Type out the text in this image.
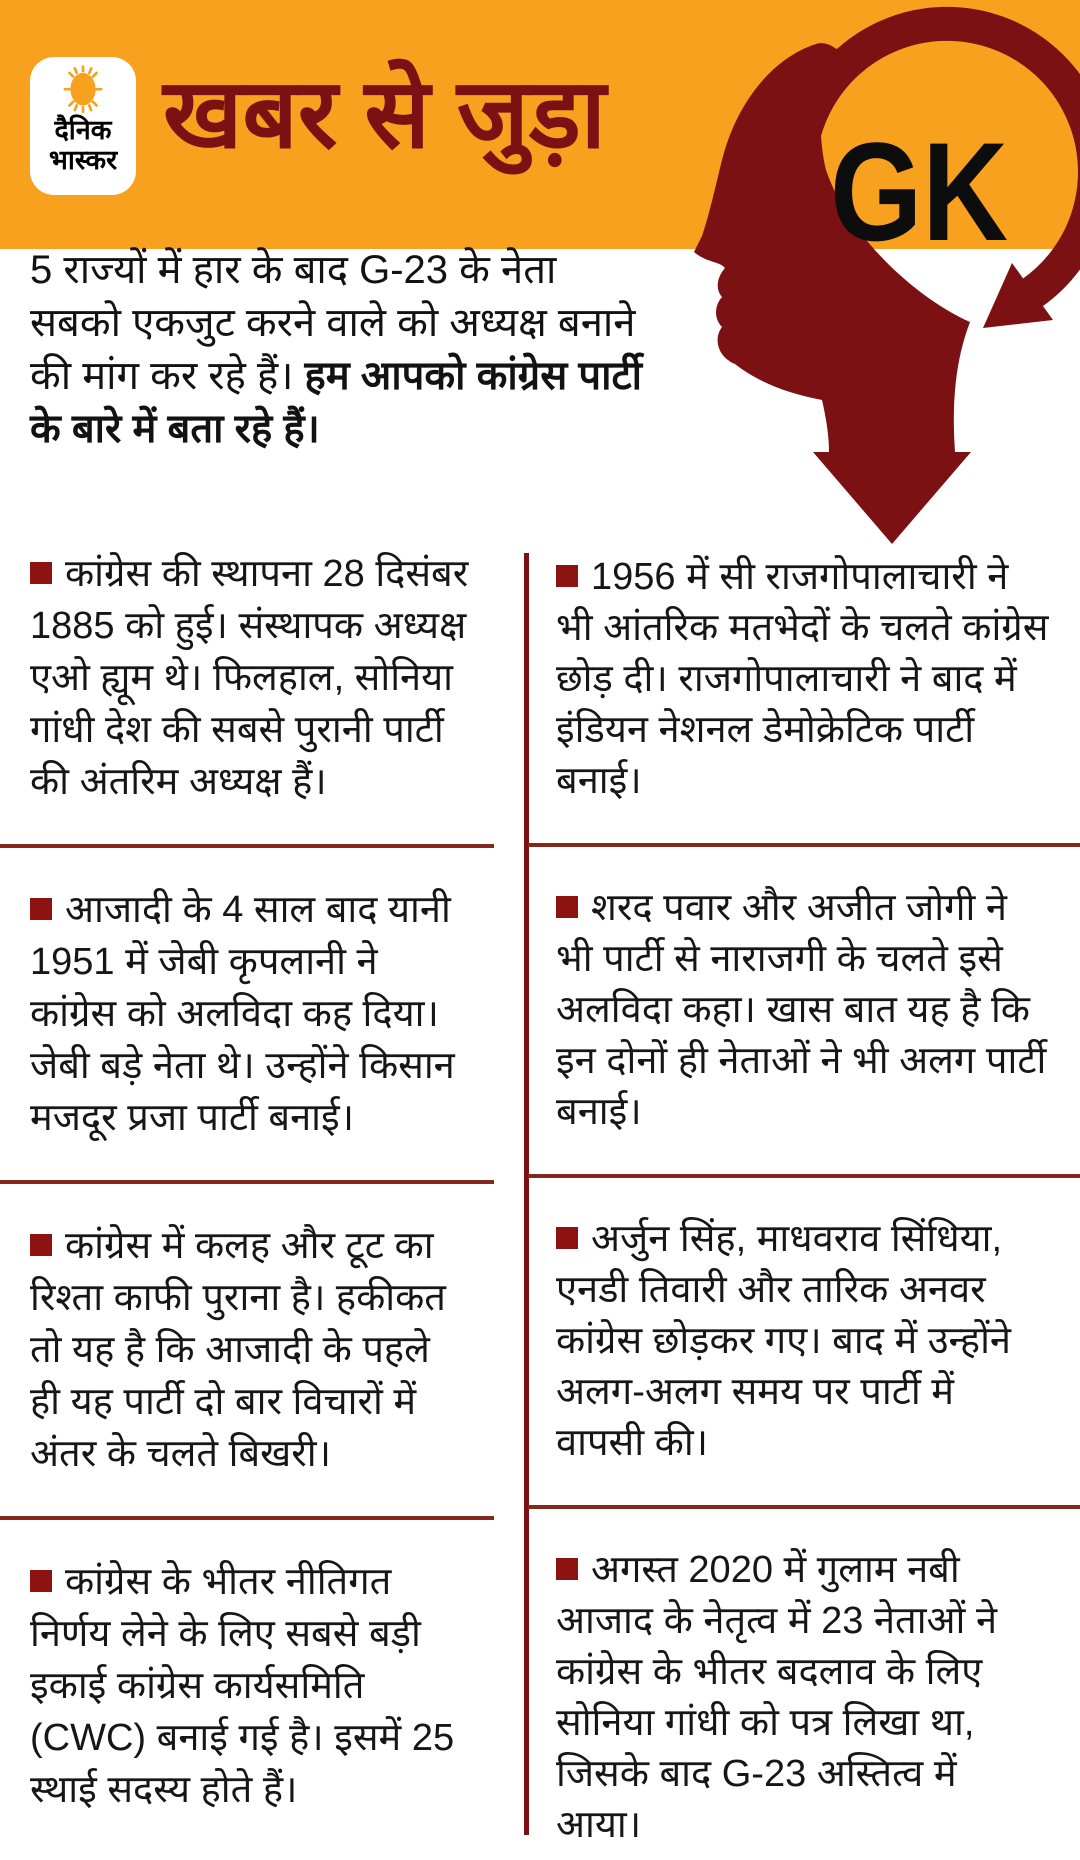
दैनिक
भास्कर खबर से जुड़ा GK
5 राज्यों में हार के बाद G-23 के नेता सबको एकजुट करने वाले को अध्यक्ष बनाने की मांग कर रहे हैं। हम आपको कांग्रेस पार्टी के बारे में बता रहे हैं।
कांग्रेस की स्थापना 28 दिसंबर 1885 को हुई। संस्थापक अध्यक्ष एओ ह्यूम थे। फिलहाल, सोनिया गांधी देश की सबसे पुरानी पार्टी की अंतरिम अध्यक्ष हैं।
आजादी के 4 साल बाद यानी 1951 में जेबी कृपलानी ने कांग्रेस को अलविदा कह दिया। जेबी बड़े नेता थे। उन्होंने किसान मजदूर प्रजा पार्टी बनाई।
कांग्रेस में कलह और टूट का रिश्ता काफी पुराना है। हकीकत तो यह है कि आजादी के पहले ही यह पार्टी दो बार विचारों में अंतर के चलते बिखरी।
कांग्रेस के भीतर नीतिगत निर्णय लेने के लिए सबसे बड़ी इकाई कांग्रेस कार्यसमिति (CWC) बनाई गई है। इसमें 25 स्थाई सदस्य होते हैं।
1956 में सी राजगोपालाचारी ने भी आंतरिक मतभेदों के चलते कांग्रेस छोड़ दी। राजगोपालाचारी ने बाद में इंडियन नेशनल डेमोक्रेटिक पार्टी बनाई।
शरद पवार और अजीत जोगी ने भी पार्टी से नाराजगी के चलते इसे अलविदा कहा। खास बात यह है कि इन दोनों ही नेताओं ने भी अलग पार्टी बनाई।
अर्जुन सिंह, माधवराव सिंधिया, एनडी तिवारी और तारिक अनवर कांग्रेस छोड़कर गए। बाद में उन्होंने अलग-अलग समय पर पार्टी में वापसी की।
अगस्त 2020 में गुलाम नबी आजाद के नेतृत्व में 23 नेताओं ने कांग्रेस के भीतर बदलाव के लिए सोनिया गांधी को पत्र लिखा था, जिसके बाद G-23 अस्तित्व में आया।
